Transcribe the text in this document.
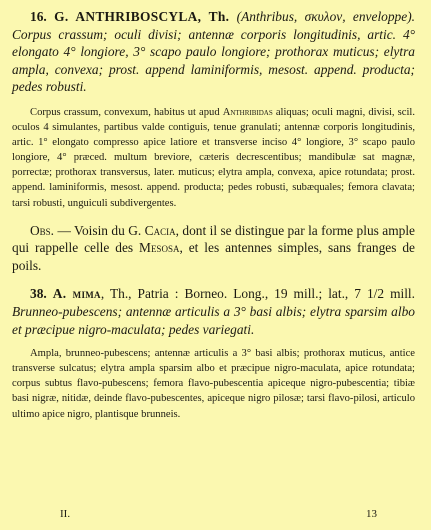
16. G. ANTHRIBOSCYLA, Th. (Anthribus, σκυλον, enveloppe). Corpus crassum; oculi divisi; antennæ corporis longitudinis, artic. 4° elongato 4° longiore, 3° scapo paulo longiore; prothorax muticus; elytra ampla, convexa; prost. append laminiformis, mesost. append. producta; pedes robusti.

Corpus crassum, convexum, habitus ut apud Anthribidas aliquas; oculi magni, divisi, scil. oculos 4 simulantes, partibus valde contiguis, tenue granulati; antennæ corporis longitudinis, artic. 1° elongato compresso apice latiore et transverse inciso 4° longiore, 3° scapo paulo longiore, 4° præced. multum breviore, cæteris decrescentibus; mandibulæ sat magnæ, porrectæ; prothorax transversus, later. muticus; elytra ampla, convexa, apice rotundata; prost. append. laminiformis, mesost. append. producta; pedes robusti, subæquales; femora clavata; tarsi robusti, unguiculi subdivergentes.

Obs. — Voisin du G. Cacia, dont il se distingue par la forme plus ample qui rappelle celle des Mesosa, et les antennes simples, sans franges de poils.

38. A. mima, Th., Patria : Borneo. Long., 19 mill.; lat., 7 1/2 mill. Brunneo-pubescens; antennæ articulis a 3° basi albis; elytra sparsim albo et præcipue nigro-maculata; pedes variegati.

Ampla, brunneo-pubescens; antennæ articulis a 3° basi albis; prothorax muticus, antice transverse sulcatus; elytra ampla sparsim albo et præcipue nigro-maculata, apice rotundata; corpus subtus flavo-pubescens; femora flavo-pubescentia apiceque nigro-pubescentia; tibiæ basi nigræ, nitidæ, deinde flavo-pubescentes, apiceque nigro pilosæ; tarsi flavo-pilosi, articulo ultimo apice nigro, plantisque brunneis.

II.	13
